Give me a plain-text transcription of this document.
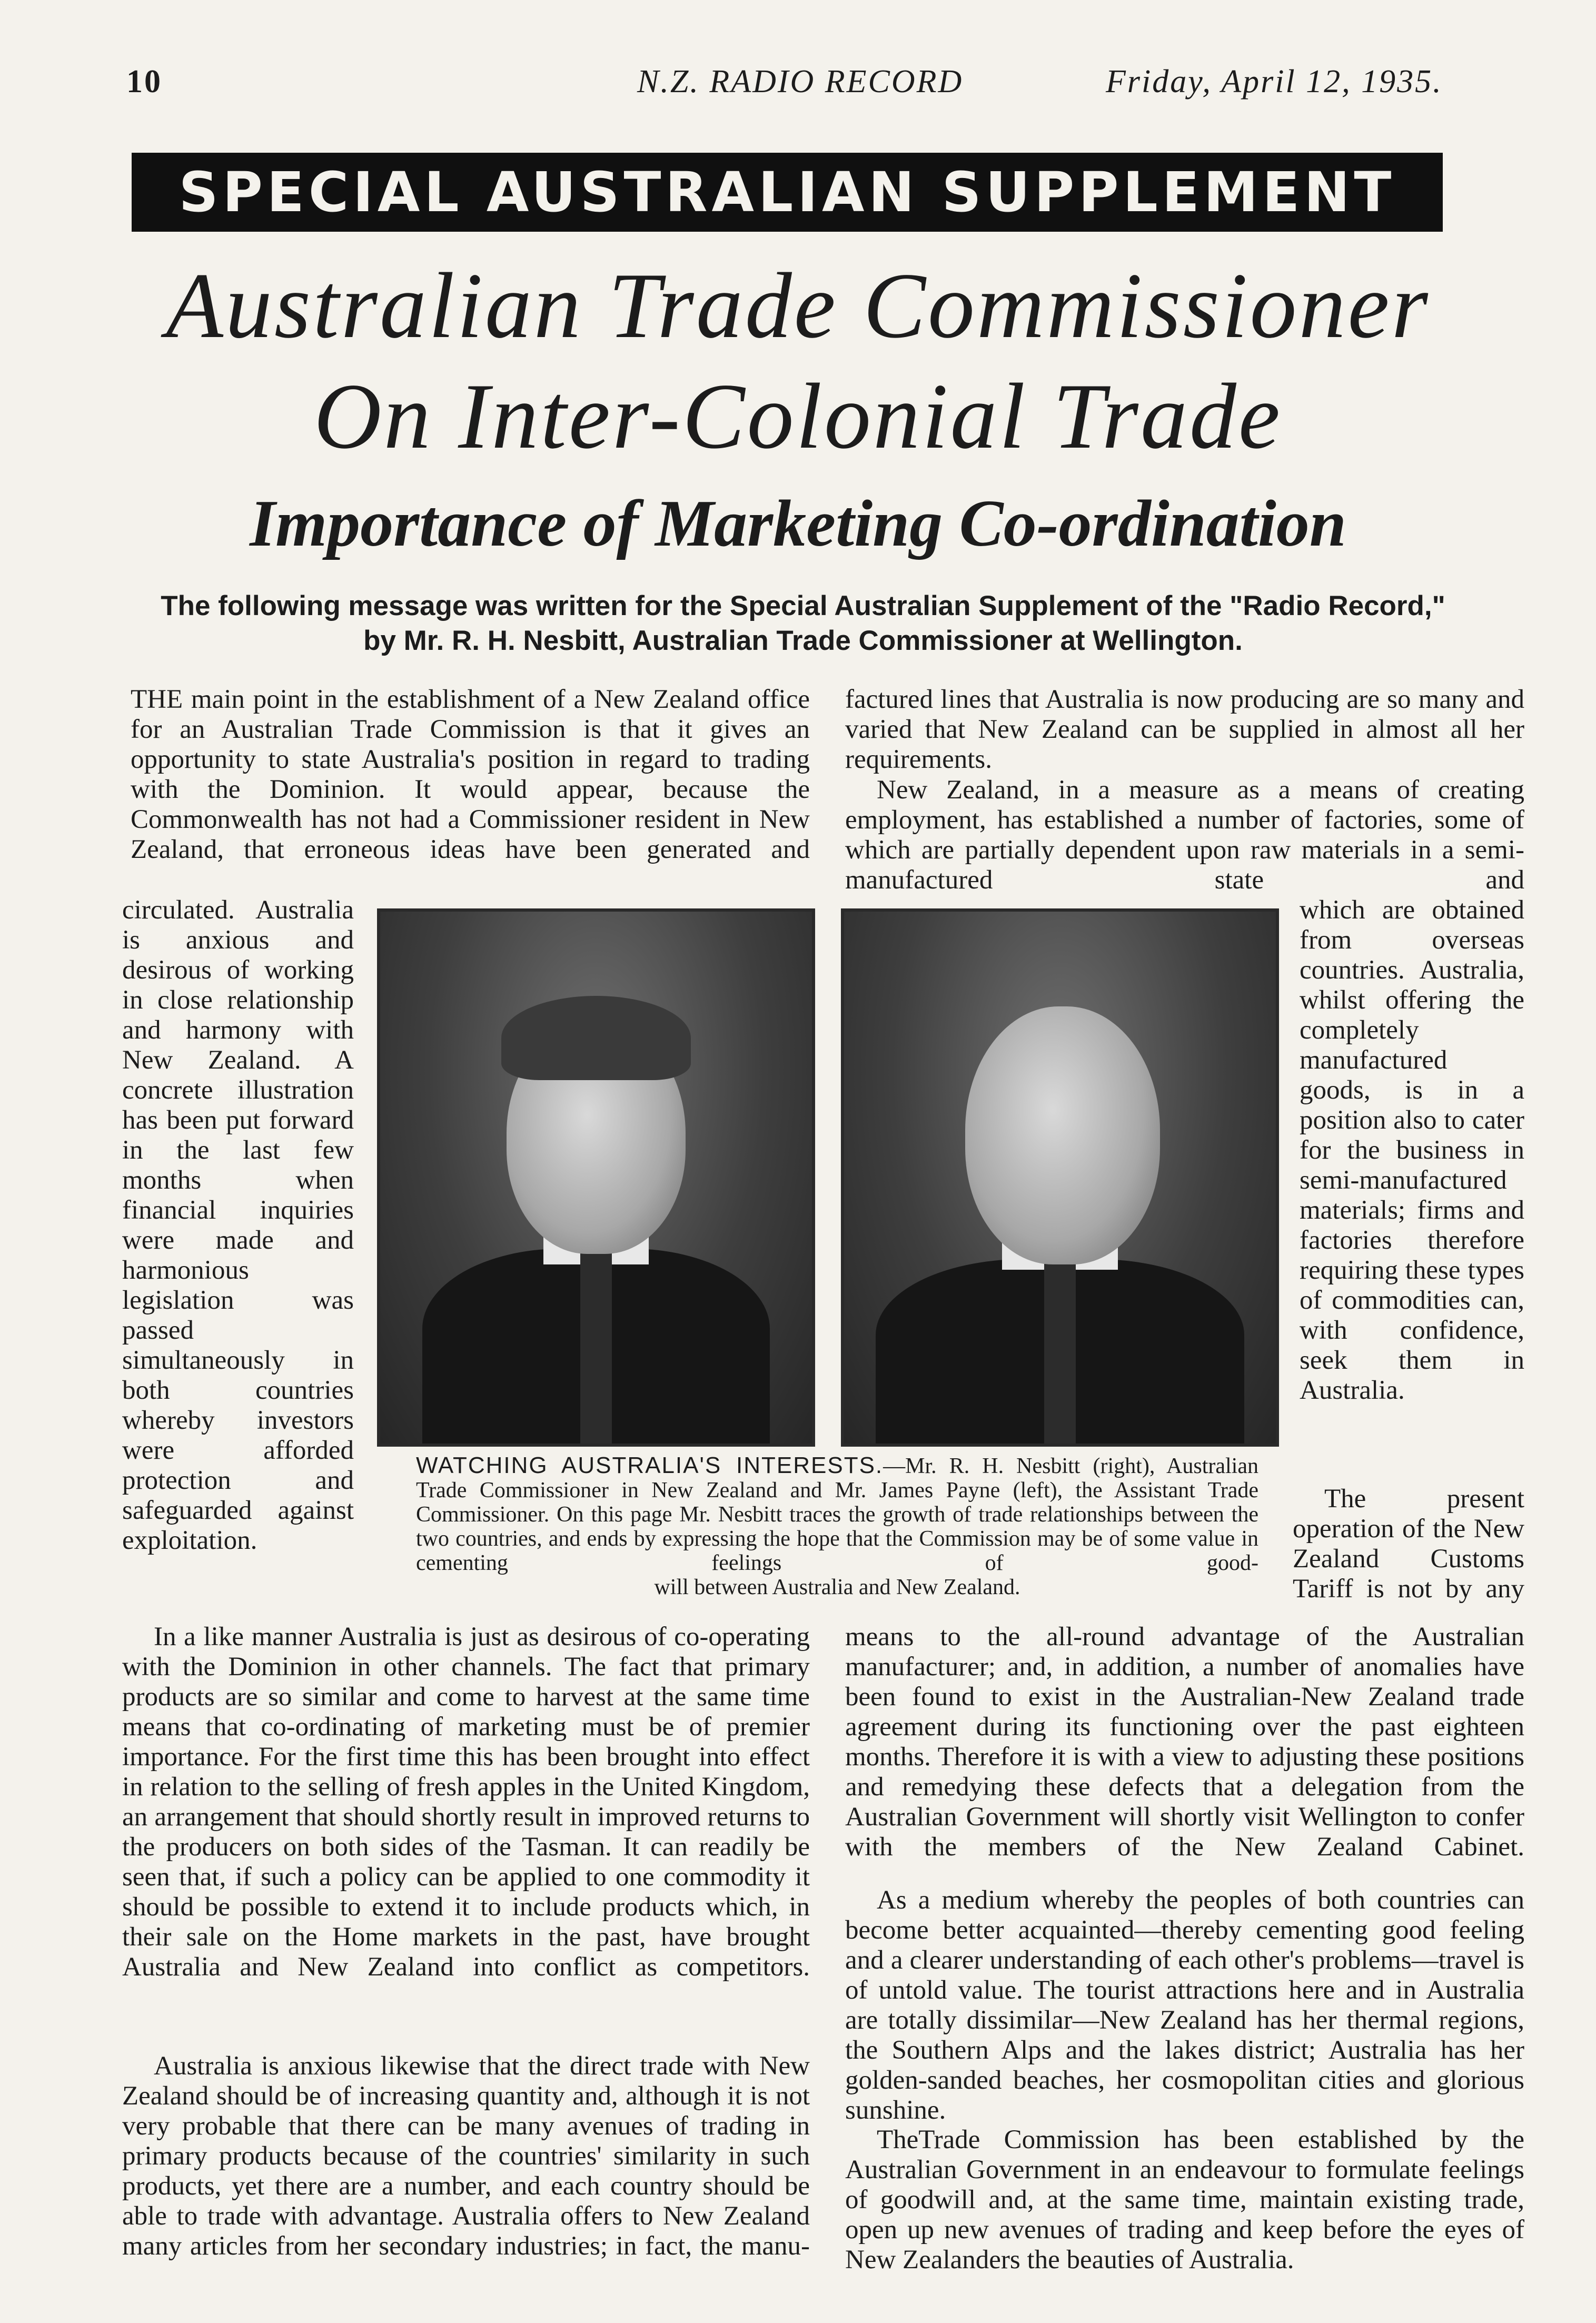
10	N.Z. RADIO RECORD	Friday, April 12, 1935.
SPECIAL AUSTRALIAN SUPPLEMENT
Australian Trade Commissioner
On Inter-Colonial Trade
Importance of Marketing Co-ordination
The following message was written for the Special Australian Supplement of the "Radio Record,"
by Mr. R. H. Nesbitt, Australian Trade Commissioner at Wellington.

THE main point in the establishment of a New Zealand office for an Australian Trade Commission is that it gives an opportunity to state Australia's position in regard to trading with the Dominion. It would appear, because the Commonwealth has not had a Commissioner resident in New Zealand, that erroneous ideas have been generated and

circulated. Australia is anxious and desirous of working in close relationship and harmony with New Zealand. A concrete illustration has been put forward in the last few months when financial inquiries were made and harmonious legislation was passed simultaneously in both countries whereby investors were afforded protection and safeguarded against exploitation.

In a like manner Australia is just as desirous of co-operating with the Dominion in other channels. The fact that primary products are so similar and come to harvest at the same time means that co-ordinating of marketing must be of premier importance. For the first time this has been brought into effect in relation to the selling of fresh apples in the United Kingdom, an arrangement that should shortly result in improved returns to the producers on both sides of the Tasman. It can readily be seen that, if such a policy can be applied to one commodity it should be possible to extend it to include products which, in their sale on the Home markets in the past, have brought Australia and New Zealand into conflict as competitors.

Australia is anxious likewise that the direct trade with New Zealand should be of increasing quantity and, although it is not very probable that there can be many avenues of trading in primary products because of the countries' similarity in such products, yet there are a number, and each country should be able to trade with advantage. Australia offers to New Zealand many articles from her secondary industries; in fact, the manu-

factured lines that Australia is now producing are so many and varied that New Zealand can be supplied in almost all her requirements.

New Zealand, in a measure as a means of creating employment, has established a number of factories, some of which are partially dependent upon raw materials in a semi-manufactured state and

which are obtained from overseas countries. Australia, whilst offering the completely manufactured goods, is in a position also to cater for the business in semi-manufactured materials; firms and factories therefore requiring these types of commodities can, with confidence, seek them in Australia.

The present operation of the New Zealand Customs Tariff is not by any

means to the all-round advantage of the Australian manufacturer; and, in addition, a number of anomalies have been found to exist in the Australian-New Zealand trade agreement during its functioning over the past eighteen months. Therefore it is with a view to adjusting these positions and remedying these defects that a delegation from the Australian Government will shortly visit Wellington to confer with the members of the New Zealand Cabinet.

As a medium whereby the peoples of both countries can become better acquainted—thereby cementing good feeling and a clearer understanding of each other's problems—travel is of untold value. The tourist attractions here and in Australia are totally dissimilar—New Zealand has her thermal regions, the Southern Alps and the lakes district; Australia has her golden-sanded beaches, her cosmopolitan cities and glorious sunshine.

TheTrade Commission has been established by the Australian Government in an endeavour to formulate feelings of goodwill and, at the same time, maintain existing trade, open up new avenues of trading and keep before the eyes of New Zealanders the beauties of Australia.

WATCHING AUSTRALIA'S INTERESTS.—Mr. R. H. Nesbitt (right), Australian Trade Commissioner in New Zealand and Mr. James Payne (left), the Assistant Trade Commissioner. On this page Mr. Nesbitt traces the growth of trade relationships between the two countries, and ends by expressing the hope that the Commission may be of some value in cementing feelings of good-
will between Australia and New Zealand.
